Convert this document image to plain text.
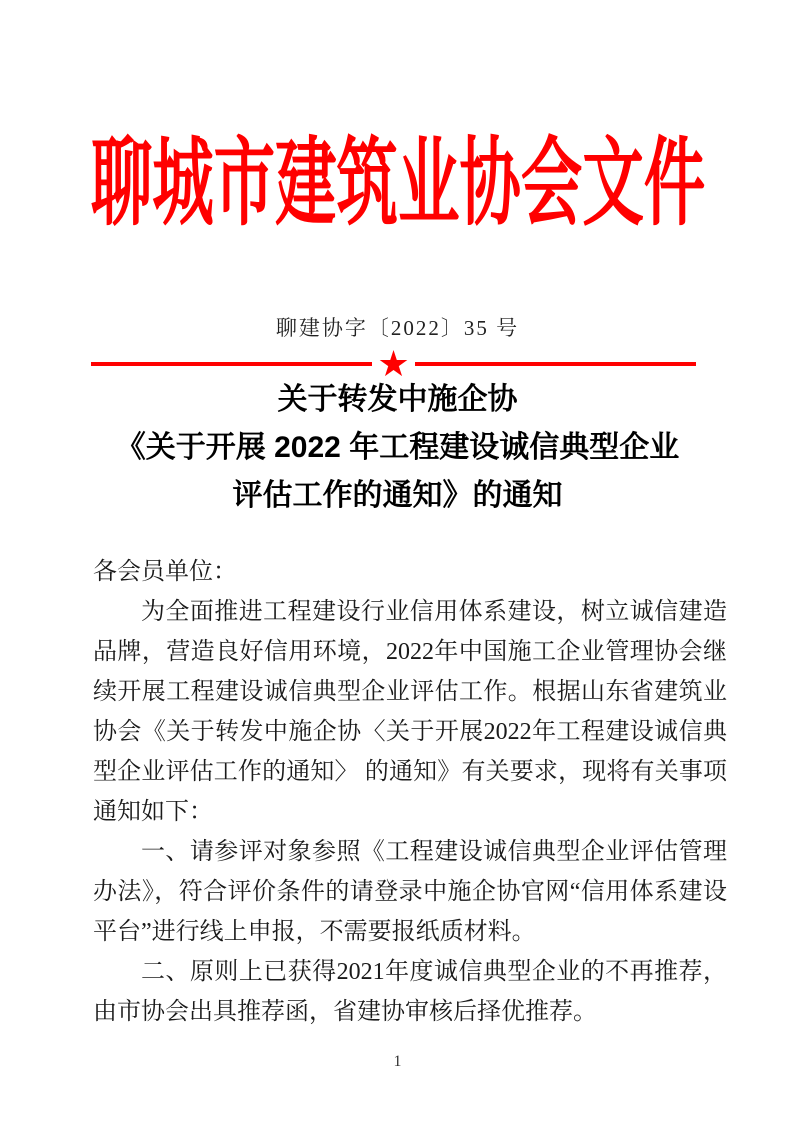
聊城市建筑业协会文件
聊建协字〔2022〕35 号
★
关于转发中施企协
《关于开展 2022 年工程建设诚信典型企业
评估工作的通知》的通知

各会员单位：

为全面推进工程建设行业信用体系建设，树立诚信建造品牌，营造良好信用环境，2022年中国施工企业管理协会继续开展工程建设诚信典型企业评估工作。根据山东省建筑业协会《关于转发中施企协〈关于开展2022年工程建设诚信典型企业评估工作的通知〉 的通知》有关要求，现将有关事项通知如下：

一、请参评对象参照《工程建设诚信典型企业评估管理办法》，符合评价条件的请登录中施企协官网“信用体系建设平台”进行线上申报，不需要报纸质材料。

二、原则上已获得2021年度诚信典型企业的不再推荐，由市协会出具推荐函，省建协审核后择优推荐。

1
